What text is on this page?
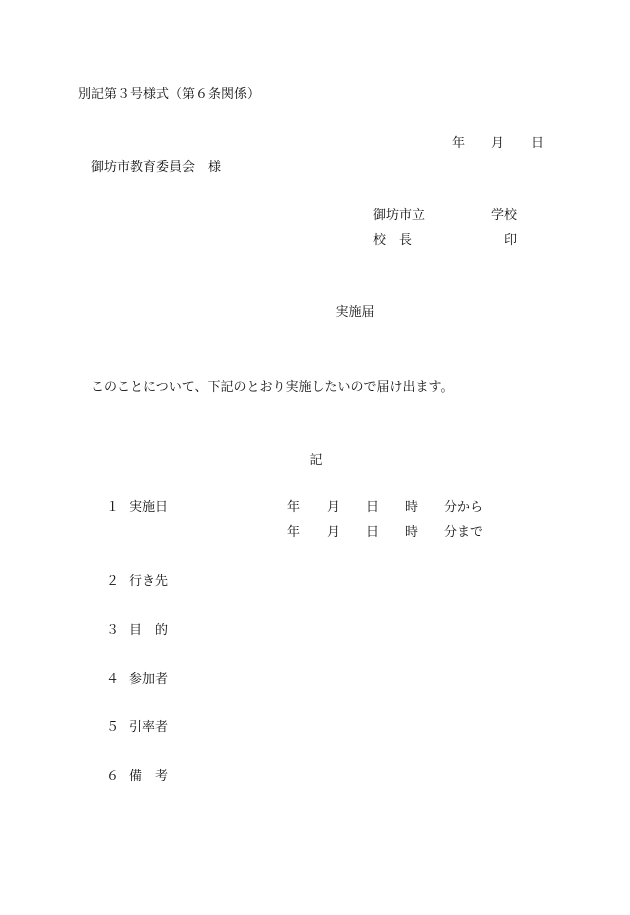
別記第３号様式（第６条関係）
年 月 日
御坊市教育委員会　様
御坊市立	学校
校　長	印
実施届
このことについて、下記のとおり実施したいので届け出ます。
記
１ 実施日	年 月 日 時 分から
年 月 日 時 分まで
２ 行き先
３ 目　的
４ 参加者
５ 引率者
６ 備　考
